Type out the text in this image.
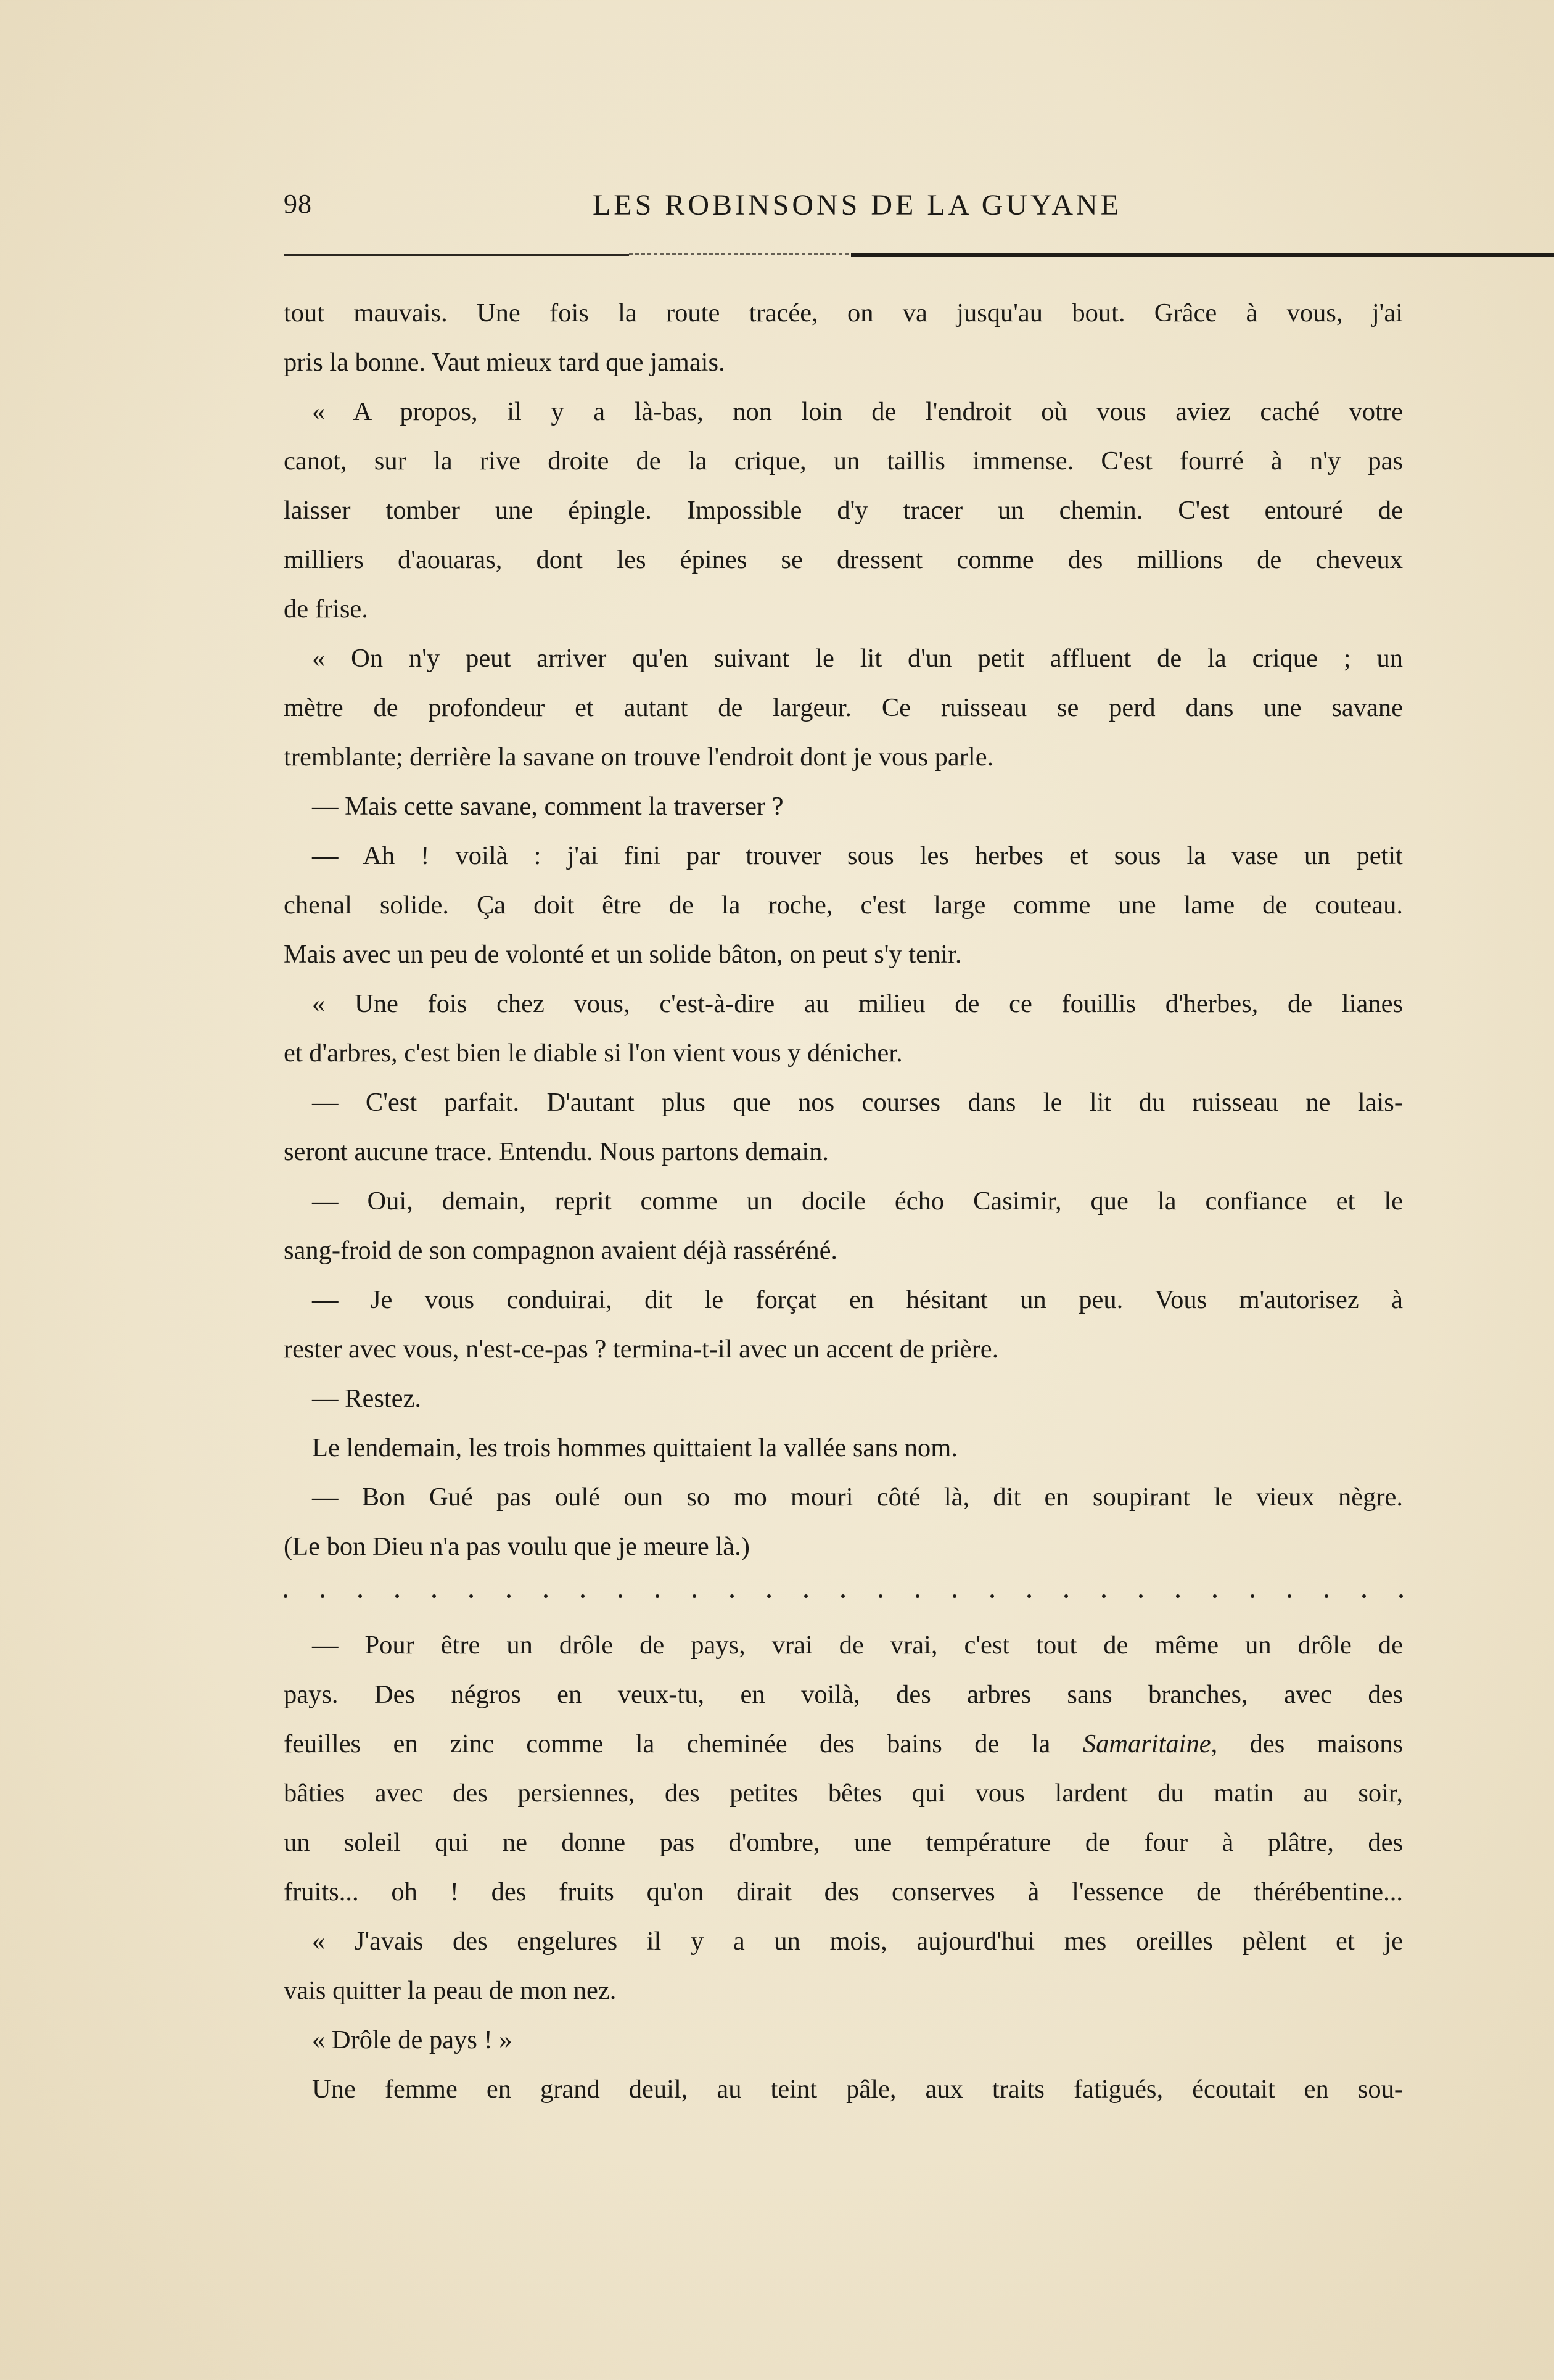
98	LES ROBINSONS DE LA GUYANE
tout mauvais. Une fois la route tracée, on va jusqu'au bout. Grâce à vous, j'ai
pris la bonne. Vaut mieux tard que jamais.
« A propos, il y a là-bas, non loin de l'endroit où vous aviez caché votre
canot, sur la rive droite de la crique, un taillis immense. C'est fourré à n'y pas
laisser tomber une épingle. Impossible d'y tracer un chemin. C'est entouré de
milliers d'aouaras, dont les épines se dressent comme des millions de cheveux
de frise.
« On n'y peut arriver qu'en suivant le lit d'un petit affluent de la crique ; un
mètre de profondeur et autant de largeur. Ce ruisseau se perd dans une savane
tremblante; derrière la savane on trouve l'endroit dont je vous parle.
— Mais cette savane, comment la traverser ?
— Ah ! voilà : j'ai fini par trouver sous les herbes et sous la vase un petit
chenal solide. Ça doit être de la roche, c'est large comme une lame de couteau.
Mais avec un peu de volonté et un solide bâton, on peut s'y tenir.
« Une fois chez vous, c'est-à-dire au milieu de ce fouillis d'herbes, de lianes
et d'arbres, c'est bien le diable si l'on vient vous y dénicher.
— C'est parfait. D'autant plus que nos courses dans le lit du ruisseau ne lais-
seront aucune trace. Entendu. Nous partons demain.
— Oui, demain, reprit comme un docile écho Casimir, que la confiance et le
sang-froid de son compagnon avaient déjà rasséréné.
— Je vous conduirai, dit le forçat en hésitant un peu. Vous m'autorisez à
rester avec vous, n'est-ce-pas ? termina-t-il avec un accent de prière.
— Restez.
Le lendemain, les trois hommes quittaient la vallée sans nom.
— Bon Gué pas oulé oun so mo mouri côté là, dit en soupirant le vieux nègre.
(Le bon Dieu n'a pas voulu que je meure là.)
— Pour être un drôle de pays, vrai de vrai, c'est tout de même un drôle de
pays. Des négros en veux-tu, en voilà, des arbres sans branches, avec des
feuilles en zinc comme la cheminée des bains de la Samaritaine, des maisons
bâties avec des persiennes, des petites bêtes qui vous lardent du matin au soir,
un soleil qui ne donne pas d'ombre, une température de four à plâtre, des
fruits... oh ! des fruits qu'on dirait des conserves à l'essence de thérébentine...
« J'avais des engelures il y a un mois, aujourd'hui mes oreilles pèlent et je
vais quitter la peau de mon nez.
« Drôle de pays ! »
Une femme en grand deuil, au teint pâle, aux traits fatigués, écoutait en sou-
